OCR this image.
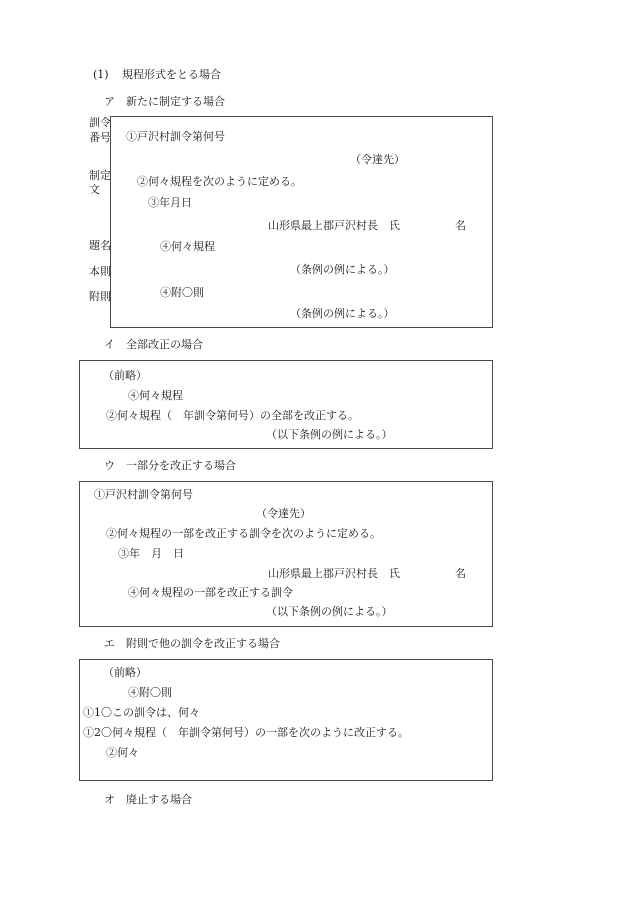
(1) 規程形式をとる場合
ア 新たに制定する場合
訓令
番号
制定
文
題名
本則
附則
①戸沢村訓令第何号
（令達先）
②何々規程を次のように定める。
③年月日
山形県最上郡戸沢村長　氏	名
④何々規程
（条例の例による。）
④附〇則
（条例の例による。）
イ 全部改正の場合
（前略）
④何々規程
②何々規程（　年訓令第何号）の全部を改正する。
（以下条例の例による。）
ウ 一部分を改正する場合
①戸沢村訓令第何号
（令達先）
②何々規程の一部を改正する訓令を次のように定める。
③年　月　日
山形県最上郡戸沢村長　氏	名
④何々規程の一部を改正する訓令
（以下条例の例による。）
エ 附則で他の訓令を改正する場合
（前略）
④附〇則
①1〇この訓令は、何々
①2〇何々規程（　年訓令第何号）の一部を次のように改正する。
②何々
オ 廃止する場合
